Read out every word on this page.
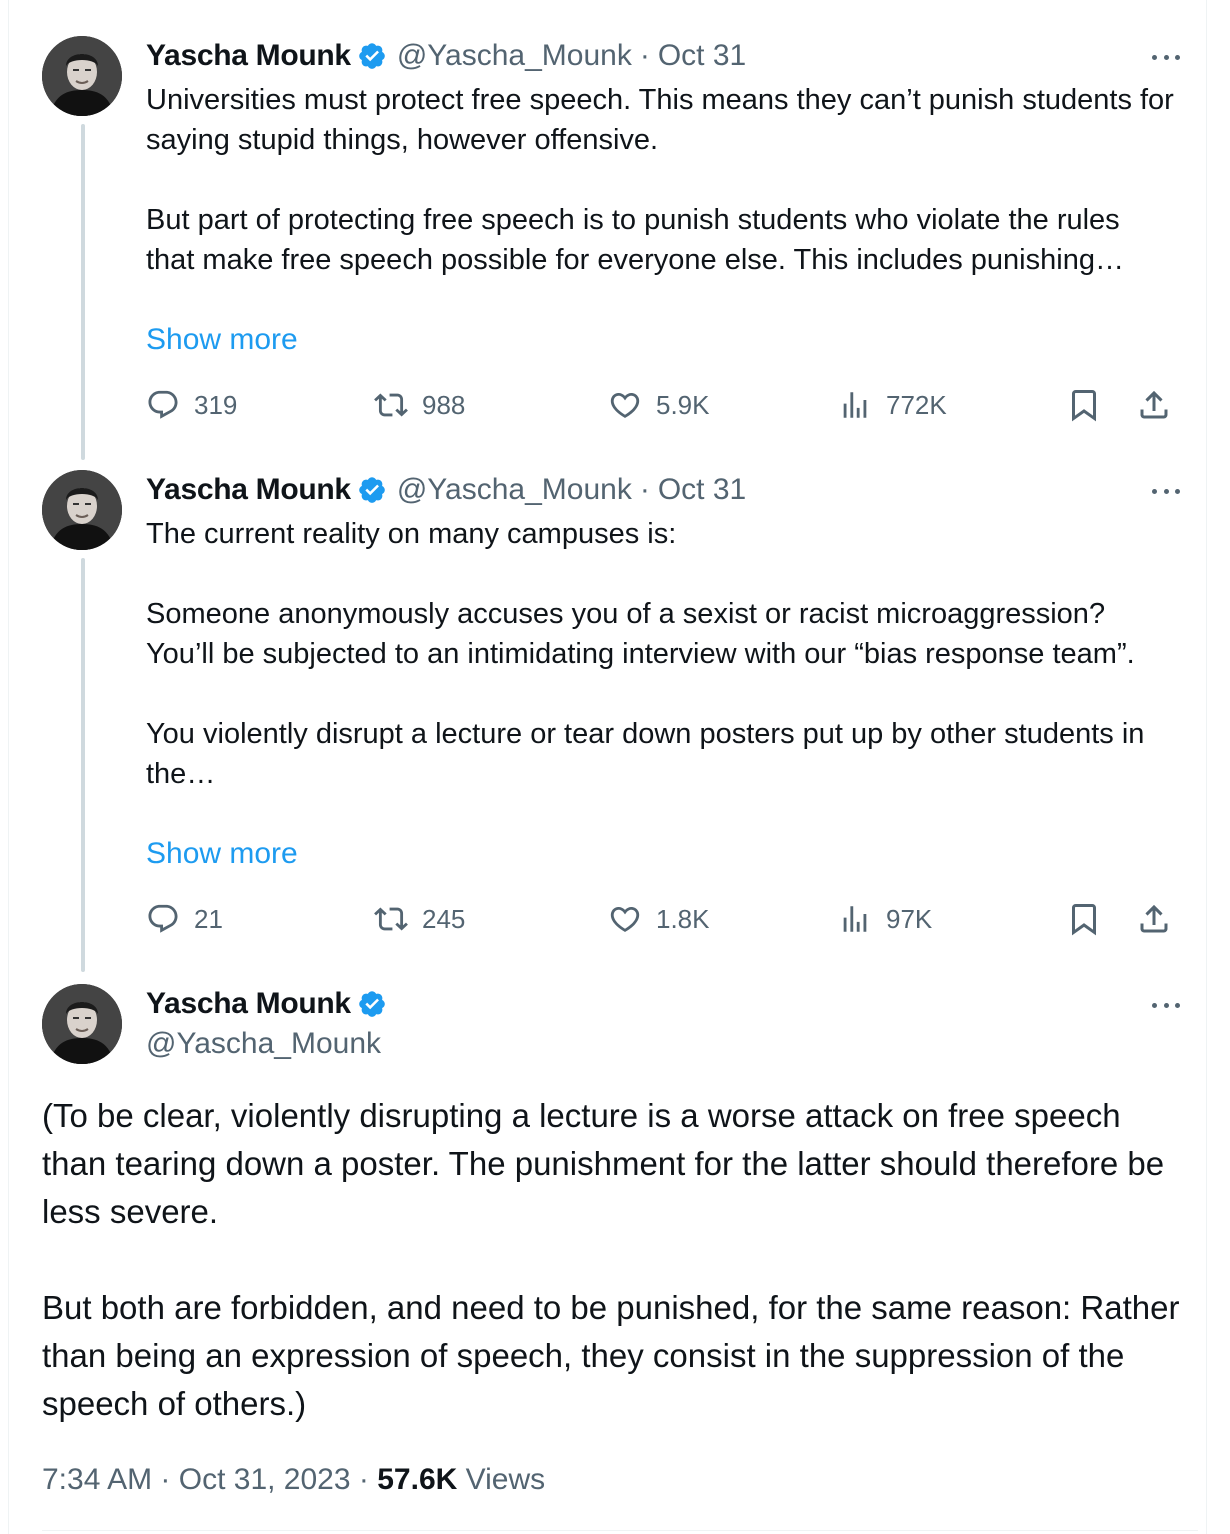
Yascha Mounk @Yascha_Mounk · Oct 31
Universities must protect free speech. This means they can’t punish students for saying stupid things, however offensive.

But part of protecting free speech is to punish students who violate the rules that make free speech possible for everyone else. This includes punishing…
Show more
319	988	5.9K	772K
Yascha Mounk @Yascha_Mounk · Oct 31
The current reality on many campuses is:

Someone anonymously accuses you of a sexist or racist microaggression? You’ll be subjected to an intimidating interview with our “bias response team”.

You violently disrupt a lecture or tear down posters put up by other students in the…
Show more
21	245	1.8K	97K
Yascha Mounk
@Yascha_Mounk
(To be clear, violently disrupting a lecture is a worse attack on free speech than tearing down a poster. The punishment for the latter should therefore be less severe.

But both are forbidden, and need to be punished, for the same reason: Rather than being an expression of speech, they consist in the suppression of the speech of others.)
7:34 AM · Oct 31, 2023 · 57.6K Views
